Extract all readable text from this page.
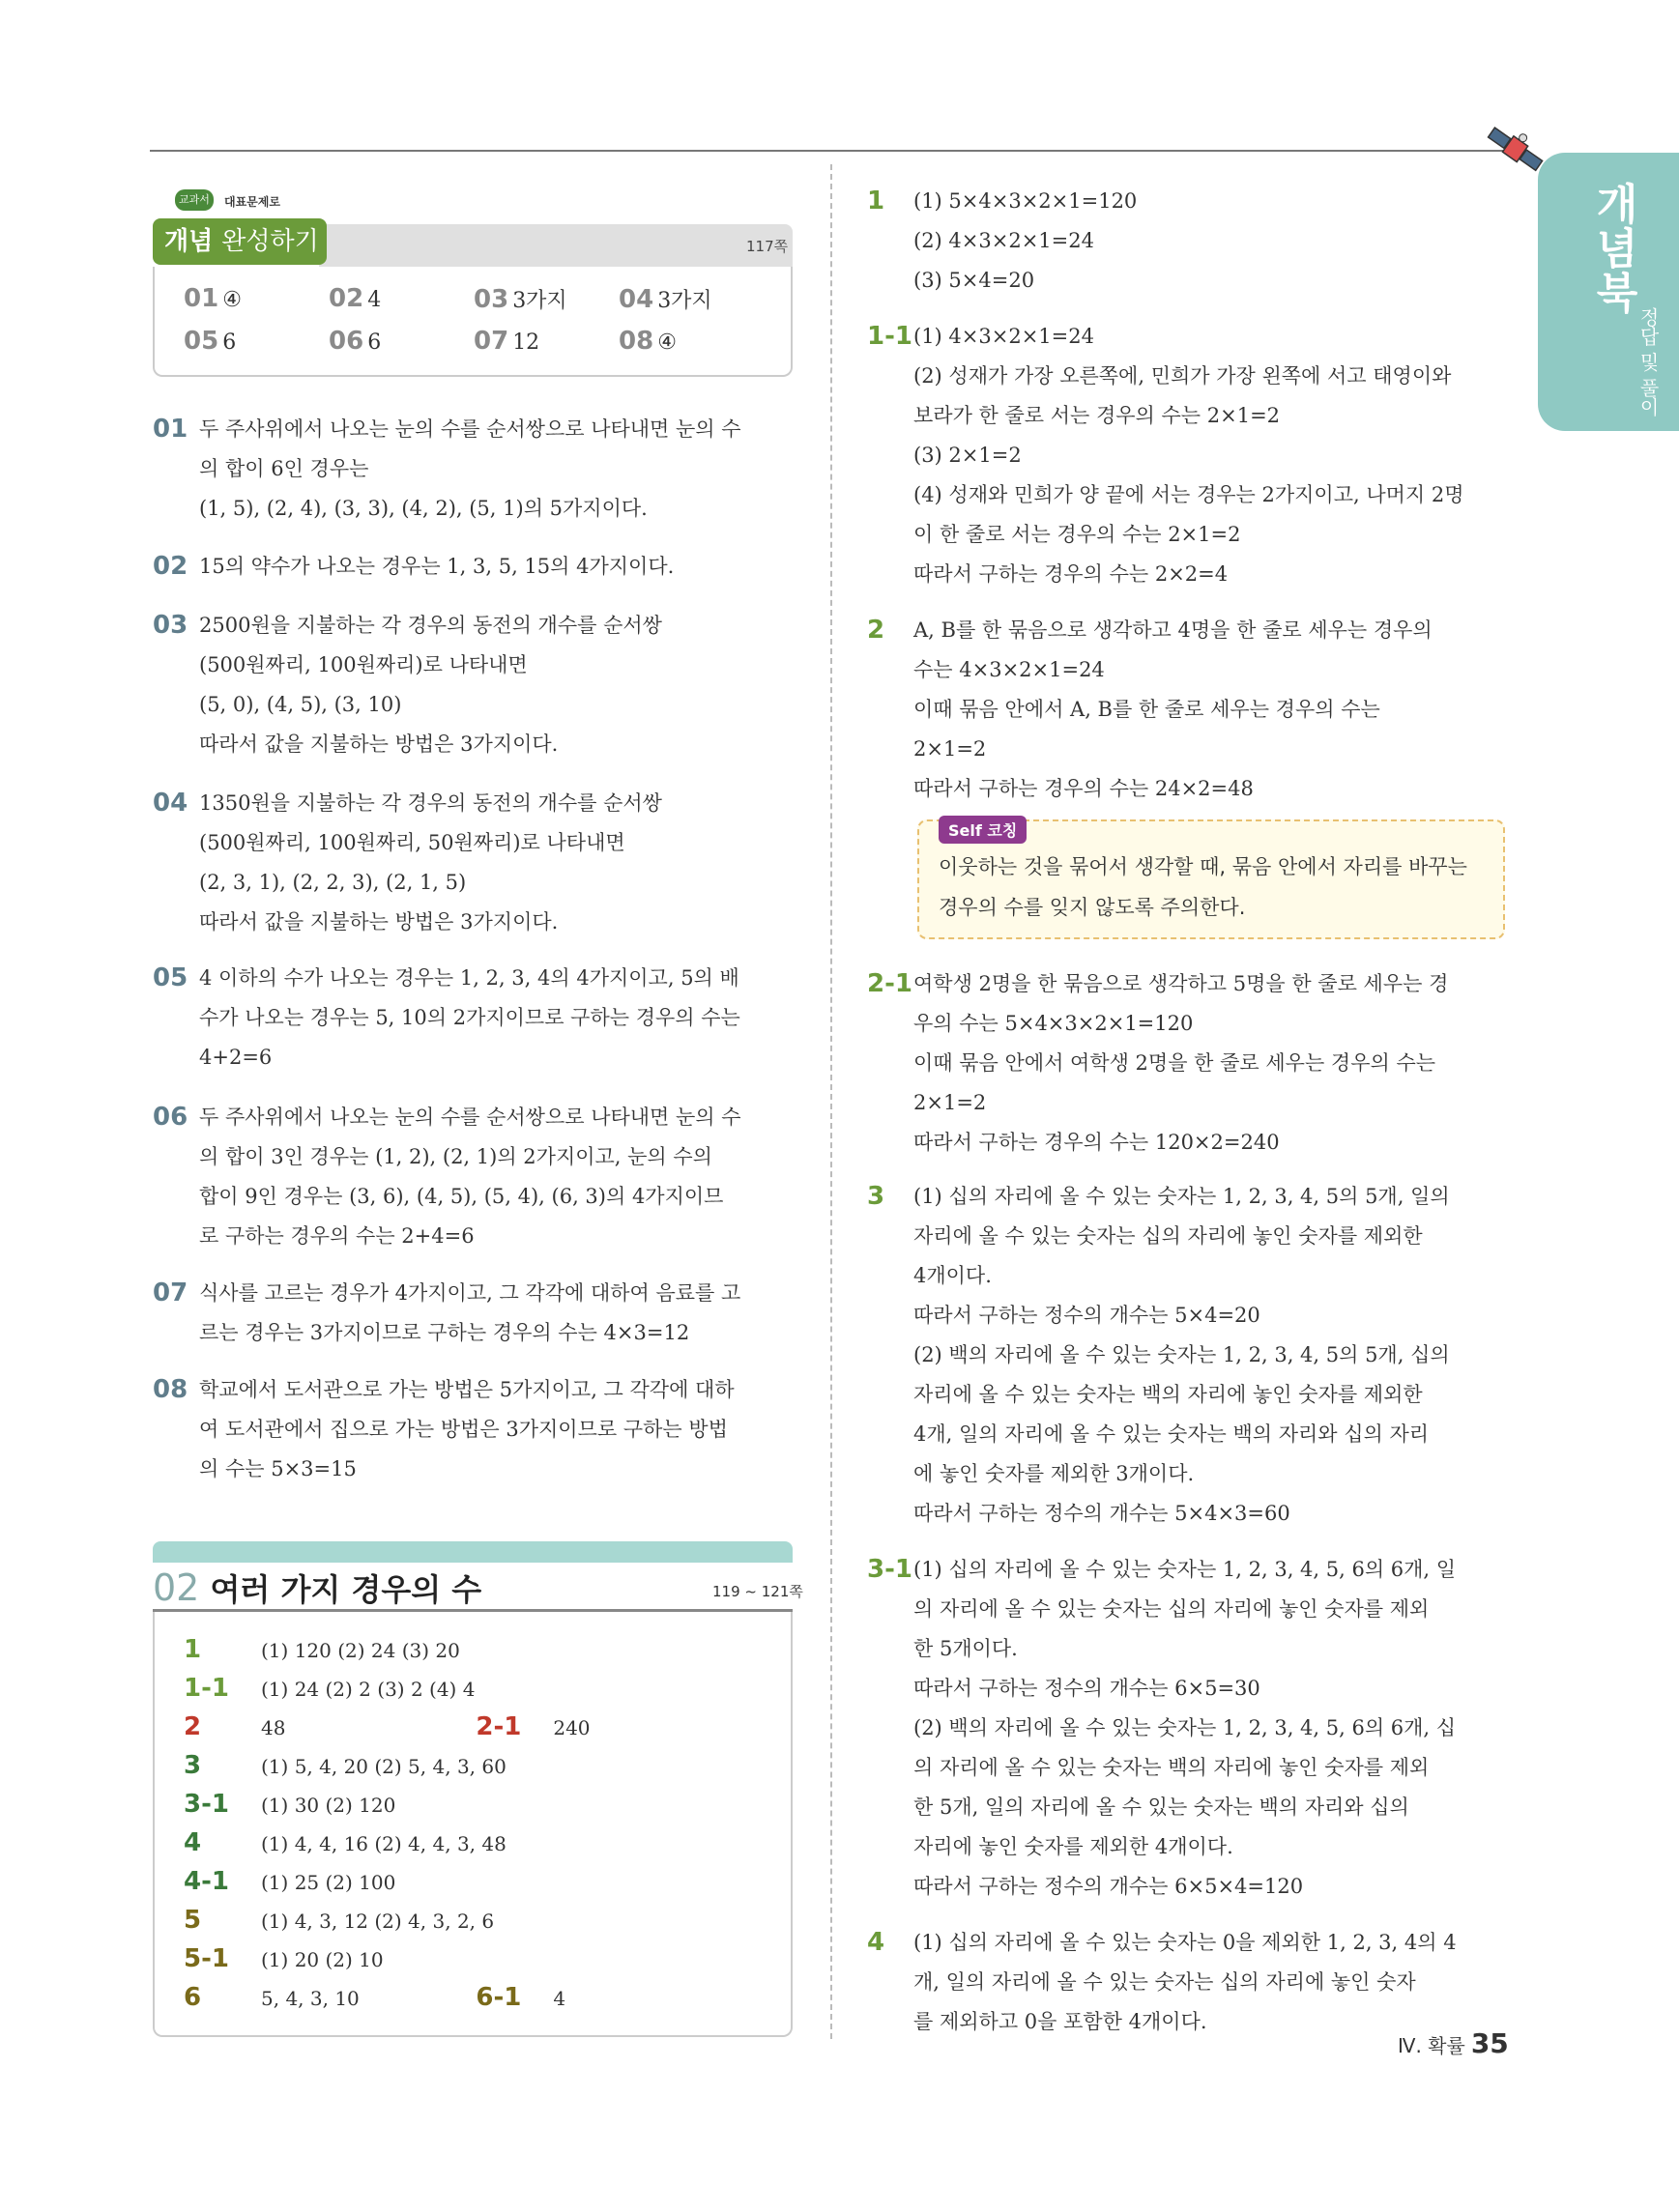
개념북
정답 및 풀이
교과서	대표문제로
개념 완성하기	117쪽
01 ④	02 4	03 3가지 04 3가지
05 6	06 6	07 12	08 ④
01 두 주사위에서 나오는 눈의 수를 순서쌍으로 나타내면 눈의 수
의 합이 6인 경우는
(1, 5), (2, 4), (3, 3), (4, 2), (5, 1)의 5가지이다.
02 15의 약수가 나오는 경우는 1, 3, 5, 15의 4가지이다.
03 2500원을 지불하는 각 경우의 동전의 개수를 순서쌍
(500원짜리, 100원짜리)로 나타내면
(5, 0), (4, 5), (3, 10)
따라서 값을 지불하는 방법은 3가지이다.
04 1350원을 지불하는 각 경우의 동전의 개수를 순서쌍
(500원짜리, 100원짜리, 50원짜리)로 나타내면
(2, 3, 1), (2, 2, 3), (2, 1, 5)
따라서 값을 지불하는 방법은 3가지이다.
05 4 이하의 수가 나오는 경우는 1, 2, 3, 4의 4가지이고, 5의 배
수가 나오는 경우는 5, 10의 2가지이므로 구하는 경우의 수는
4+2=6
06 두 주사위에서 나오는 눈의 수를 순서쌍으로 나타내면 눈의 수
의 합이 3인 경우는 (1, 2), (2, 1)의 2가지이고, 눈의 수의
합이 9인 경우는 (3, 6), (4, 5), (5, 4), (6, 3)의 4가지이므
로 구하는 경우의 수는 2+4=6
07 식사를 고르는 경우가 4가지이고, 그 각각에 대하여 음료를 고
르는 경우는 3가지이므로 구하는 경우의 수는 4×3=12
08 학교에서 도서관으로 가는 방법은 5가지이고, 그 각각에 대하
여 도서관에서 집으로 가는 방법은 3가지이므로 구하는 방법
의 수는 5×3=15
02 여러 가지 경우의 수	119 ~ 121쪽
1	(1) 120 (2) 24 (3) 20
1-1 (1) 24 (2) 2 (3) 2 (4) 4
2	48	2-1 240
3	(1) 5, 4, 20 (2) 5, 4, 3, 60
3-1 (1) 30 (2) 120
4	(1) 4, 4, 16 (2) 4, 4, 3, 48
4-1 (1) 25 (2) 100
5	(1) 4, 3, 12 (2) 4, 3, 2, 6
5-1 (1) 20 (2) 10
6	5, 4, 3, 10	6-1 4
1 (1) 5×4×3×2×1=120
(2) 4×3×2×1=24
(3) 5×4=20
1-1 (1) 4×3×2×1=24
(2) 성재가 가장 오른쪽에, 민희가 가장 왼쪽에 서고 태영이와
보라가 한 줄로 서는 경우의 수는 2×1=2
(3) 2×1=2
(4) 성재와 민희가 양 끝에 서는 경우는 2가지이고, 나머지 2명
이 한 줄로 서는 경우의 수는 2×1=2
따라서 구하는 경우의 수는 2×2=4
2 A, B를 한 묶음으로 생각하고 4명을 한 줄로 세우는 경우의
수는 4×3×2×1=24
이때 묶음 안에서 A, B를 한 줄로 세우는 경우의 수는
2×1=2
따라서 구하는 경우의 수는 24×2=48
Self 코칭
이웃하는 것을 묶어서 생각할 때, 묶음 안에서 자리를 바꾸는
경우의 수를 잊지 않도록 주의한다.
2-1 여학생 2명을 한 묶음으로 생각하고 5명을 한 줄로 세우는 경
우의 수는 5×4×3×2×1=120
이때 묶음 안에서 여학생 2명을 한 줄로 세우는 경우의 수는
2×1=2
따라서 구하는 경우의 수는 120×2=240
3 (1) 십의 자리에 올 수 있는 숫자는 1, 2, 3, 4, 5의 5개, 일의
자리에 올 수 있는 숫자는 십의 자리에 놓인 숫자를 제외한
4개이다.
따라서 구하는 정수의 개수는 5×4=20
(2) 백의 자리에 올 수 있는 숫자는 1, 2, 3, 4, 5의 5개, 십의
자리에 올 수 있는 숫자는 백의 자리에 놓인 숫자를 제외한
4개, 일의 자리에 올 수 있는 숫자는 백의 자리와 십의 자리
에 놓인 숫자를 제외한 3개이다.
따라서 구하는 정수의 개수는 5×4×3=60
3-1 (1) 십의 자리에 올 수 있는 숫자는 1, 2, 3, 4, 5, 6의 6개, 일
의 자리에 올 수 있는 숫자는 십의 자리에 놓인 숫자를 제외
한 5개이다.
따라서 구하는 정수의 개수는 6×5=30
(2) 백의 자리에 올 수 있는 숫자는 1, 2, 3, 4, 5, 6의 6개, 십
의 자리에 올 수 있는 숫자는 백의 자리에 놓인 숫자를 제외
한 5개, 일의 자리에 올 수 있는 숫자는 백의 자리와 십의
자리에 놓인 숫자를 제외한 4개이다.
따라서 구하는 정수의 개수는 6×5×4=120
4 (1) 십의 자리에 올 수 있는 숫자는 0을 제외한 1, 2, 3, 4의 4
개, 일의 자리에 올 수 있는 숫자는 십의 자리에 놓인 숫자
를 제외하고 0을 포함한 4개이다.
Ⅳ. 확률 35
